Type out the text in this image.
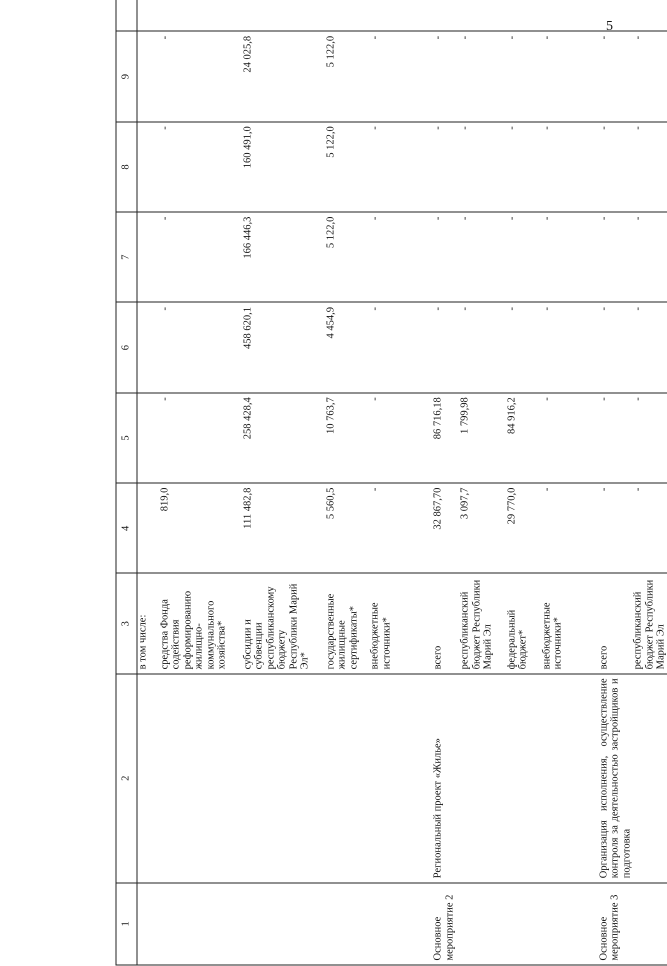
5
1	2	3	4	5	6	7	8	9	
		в том числе:							

		средства Фонда содействия реформированию жилищно-коммунального хозяйства*	819,0	-	-	-	-	-	

		субсидии и субвенции республиканскому бюджету Республики Марий Эл*	111 482,8	258 428,4	458 620,1	166 446,3	160 491,0	24 025,8	

		государственные жилищные сертификаты*	5 560,5	10 763,7	4 454,9	5 122,0	5 122,0	5 122,0	

		внебюджетные источники*	-	-	-	-	-	-	

Основное мероприятие 2	Региональный проект «Жилье»	всего	32 867,70	86 716,18	-	-	-	-	

		республиканский бюджет Республики Марий Эл	3 097,7	1 799,98	-	-	-	-	

		федеральный бюджет*	29 770,0	84 916,2	-	-	-	-	

		внебюджетные источники*	-	-	-	-	-	-	

Основное мероприятие 3	Организация исполнения, осуществление контроля за деятельностью застройщиков и подготовка	всего	-	-	-	-	-	-	
		республиканский бюджет Республики Марий Эл	-	-	-	-	-	-	
